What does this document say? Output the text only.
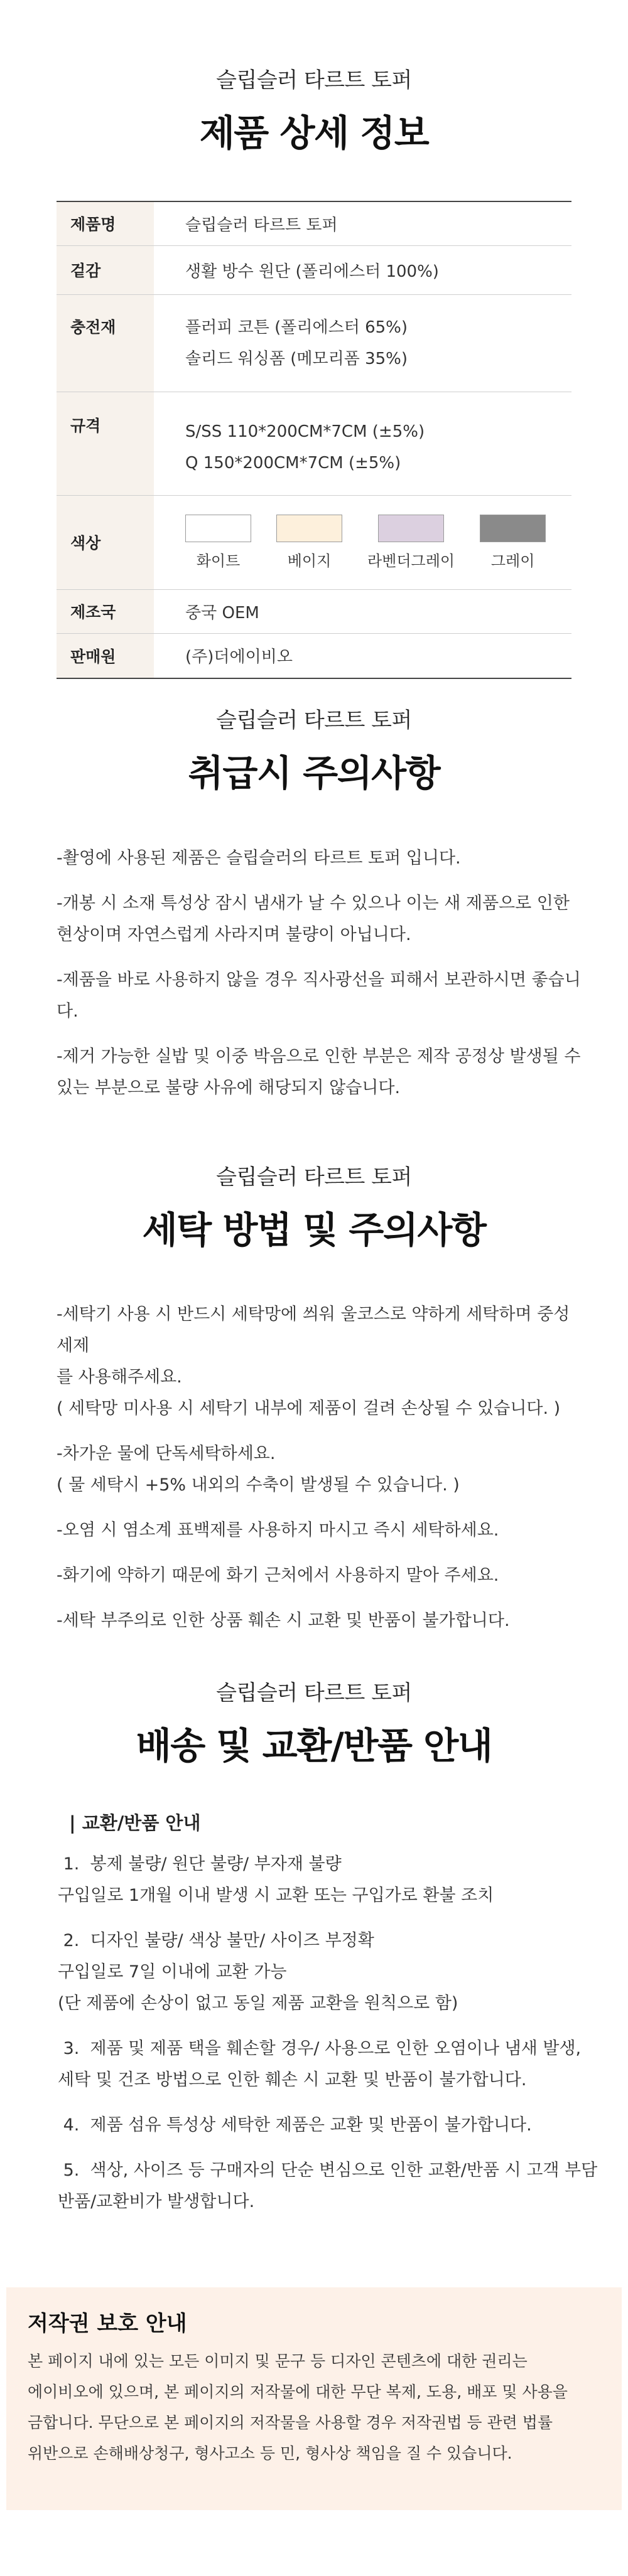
슬립슬러 타르트 토퍼
제품 상세 정보
제품명	슬립슬러 타르트 토퍼
겉감	생활 방수 원단 (폴리에스터 100%)
충전재	플러피 코튼 (폴리에스터 65%)
솔리드 워싱폼 (메모리폼 35%)

규격	S/SS 110*200CM*7CM (±5%)
Q 150*200CM*7CM (±5%)

색상	화이트 베이지 라벤더그레이 그레이

제조국	중국 OEM
판매원	(주)더에이비오
슬립슬러 타르트 토퍼
취급시 주의사항

-촬영에 사용된 제품은 슬립슬러의 타르트 토퍼 입니다.

-개봉 시 소재 특성상 잠시 냄새가 날 수 있으나 이는 새 제품으로 인한
현상이며 자연스럽게 사라지며 불량이 아닙니다.

-제품을 바로 사용하지 않을 경우 직사광선을 피해서 보관하시면 좋습니다.

-제거 가능한 실밥 및 이중 박음으로 인한 부분은 제작 공정상 발생될 수
있는 부분으로 불량 사유에 해당되지 않습니다.

슬립슬러 타르트 토퍼
세탁 방법 및 주의사항

-세탁기 사용 시 반드시 세탁망에 씌워 울코스로 약하게 세탁하며 중성세제
를 사용해주세요.
( 세탁망 미사용 시 세탁기 내부에 제품이 걸려 손상될 수 있습니다. )

-차가운 물에 단독세탁하세요.
( 물 세탁시 +5% 내외의 수축이 발생될 수 있습니다. )

-오염 시 염소계 표백제를 사용하지 마시고 즉시 세탁하세요.

-화기에 약하기 때문에 화기 근처에서 사용하지 말아 주세요.

-세탁 부주의로 인한 상품 훼손 시 교환 및 반품이 불가합니다.

슬립슬러 타르트 토퍼
배송 및 교환/반품 안내
| 교환/반품 안내

1.  봉제 불량/ 원단 불량/ 부자재 불량
구입일로 1개월 이내 발생 시 교환 또는 구입가로 환불 조치

2.  디자인 불량/ 색상 불만/ 사이즈 부정확
구입일로 7일 이내에 교환 가능
(단 제품에 손상이 없고 동일 제품 교환을 원칙으로 함)

3.  제품 및 제품 택을 훼손할 경우/ 사용으로 인한 오염이나 냄새 발생,
세탁 및 건조 방법으로 인한 훼손 시 교환 및 반품이 불가합니다.

4.  제품 섬유 특성상 세탁한 제품은 교환 및 반품이 불가합니다.

5.  색상, 사이즈 등 구매자의 단순 변심으로 인한 교환/반품 시 고객 부담
반품/교환비가 발생합니다.

저작권 보호 안내
본 페이지 내에 있는 모든 이미지 및 문구 등 디자인 콘텐츠에 대한 권리는
에이비오에 있으며, 본 페이지의 저작물에 대한 무단 복제, 도용, 배포 및 사용을
금합니다. 무단으로 본 페이지의 저작물을 사용할 경우 저작권법 등 관련 법률
위반으로 손해배상청구, 형사고소 등 민, 형사상 책임을 질 수 있습니다.
